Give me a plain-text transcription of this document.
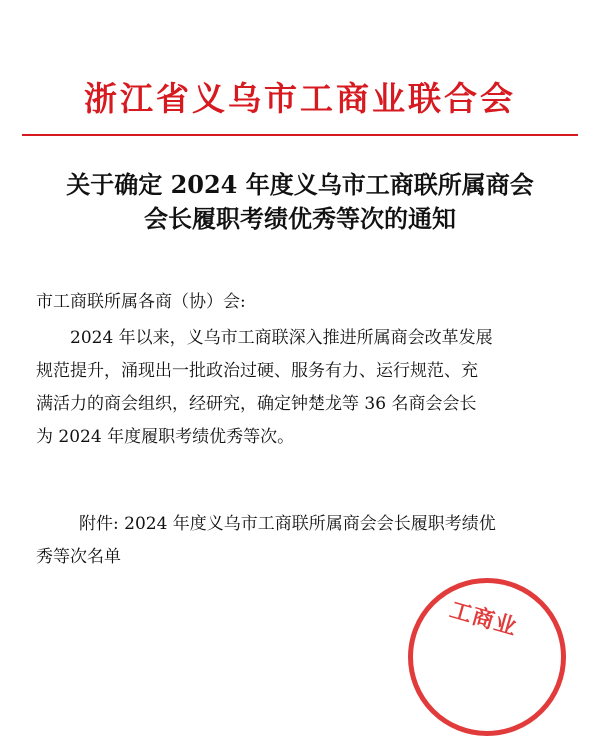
浙江省义乌市工商业联合会
关于确定 2024 年度义乌市工商联所属商会
会长履职考绩优秀等次的通知
市工商联所属各商（协）会:
2024 年以来，义乌市工商联深入推进所属商会改革发展
规范提升，涌现出一批政治过硬、服务有力、运行规范、充
满活力的商会组织，经研究，确定钟楚龙等 36 名商会会长
为 2024 年度履职考绩优秀等次。
附件: 2024 年度义乌市工商联所属商会会长履职考绩优
秀等次名单
工商业
